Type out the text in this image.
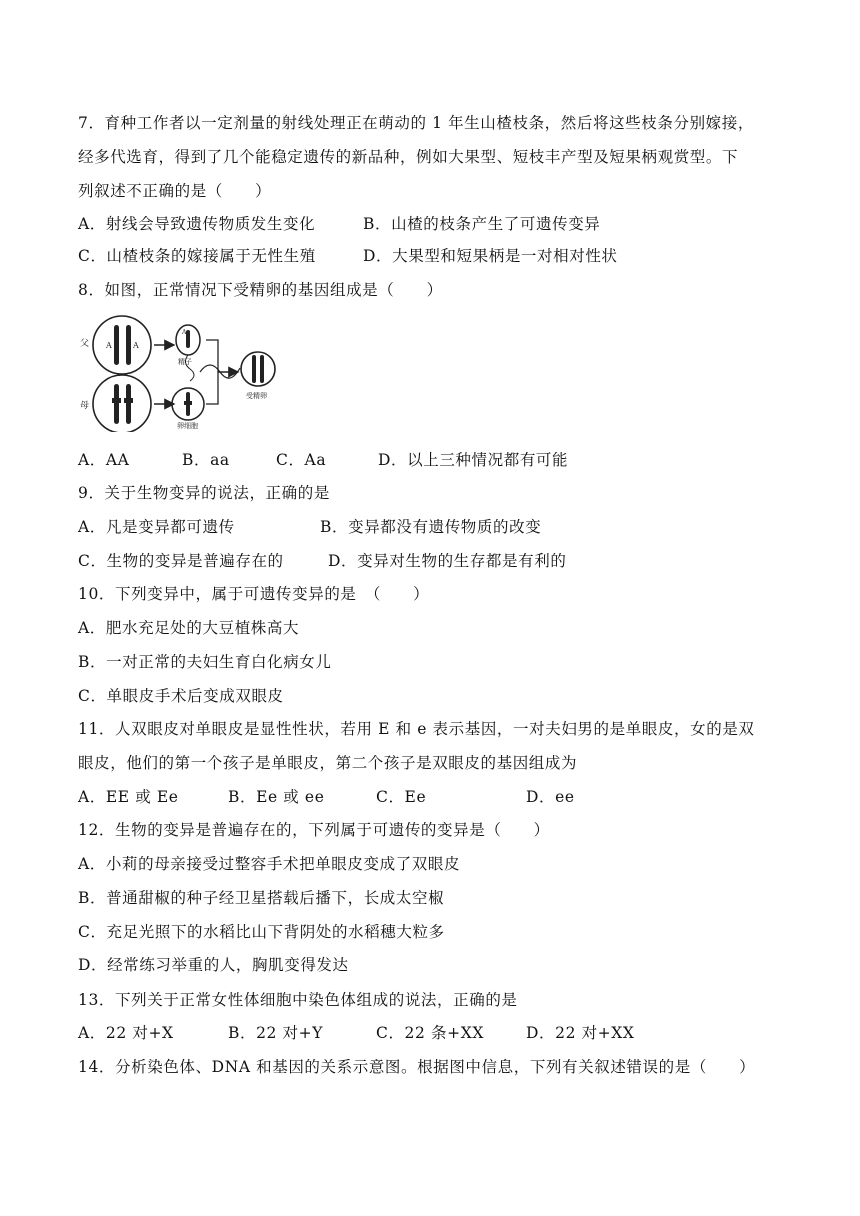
7．育种工作者以一定剂量的射线处理正在萌动的 1 年生山楂枝条，然后将这些枝条分别嫁接，
经多代选育，得到了几个能稳定遗传的新品种，例如大果型、短枝丰产型及短果柄观赏型。下
列叙述不正确的是（　　）
A．射线会导致遗传物质发生变化	B．山楂的枝条产生了可遗传变异
C．山楂枝条的嫁接属于无性生殖	D．大果型和短果柄是一对相对性状
8．如图，正常情况下受精卵的基因组成是（　　）
父
母
A	A
A
精子
卵细胞
受精卵
A．AA	B．aa	C．Aa	D．以上三种情况都有可能
9．关于生物变异的说法，正确的是
A．凡是变异都可遗传	B．变异都没有遗传物质的改变
C．生物的变异是普遍存在的	D．变异对生物的生存都是有利的
10．下列变异中，属于可遗传变异的是　（　　）
A．肥水充足处的大豆植株高大
B．一对正常的夫妇生育白化病女儿
C．单眼皮手术后变成双眼皮
11．人双眼皮对单眼皮是显性性状，若用 E 和 e 表示基因，一对夫妇男的是单眼皮，女的是双
眼皮，他们的第一个孩子是单眼皮，第二个孩子是双眼皮的基因组成为
A．EE 或 Ee	B．Ee 或 ee	C．Ee	D．ee
12．生物的变异是普遍存在的，下列属于可遗传的变异是（　　）
A．小莉的母亲接受过整容手术把单眼皮变成了双眼皮
B．普通甜椒的种子经卫星搭载后播下，长成太空椒
C．充足光照下的水稻比山下背阴处的水稻穗大粒多
D．经常练习举重的人，胸肌变得发达
13．下列关于正常女性体细胞中染色体组成的说法，正确的是
A．22 对+X	B．22 对+Y	C．22 条+XX	D．22 对+XX
14．分析染色体、DNA 和基因的关系示意图。根据图中信息，下列有关叙述错误的是（　　）
